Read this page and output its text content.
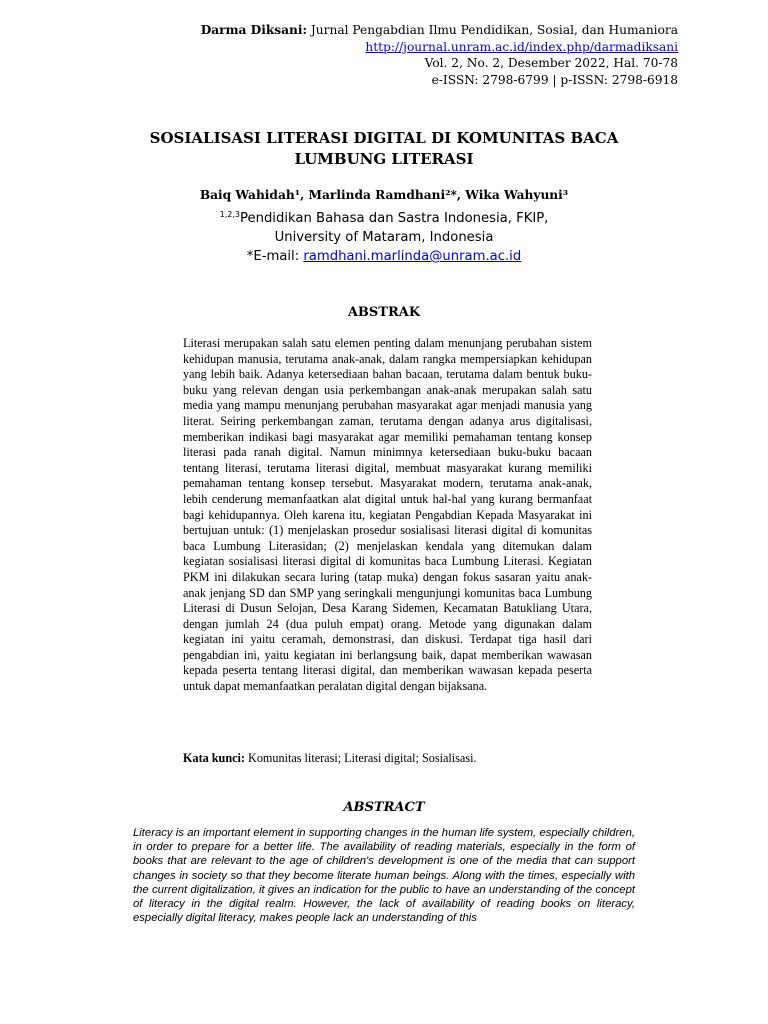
Darma Diksani: Jurnal Pengabdian Ilmu Pendidikan, Sosial, dan Humaniora
http://journal.unram.ac.id/index.php/darmadiksani
Vol. 2, No. 2, Desember 2022, Hal. 70-78
e-ISSN: 2798-6799 | p-ISSN: 2798-6918
SOSIALISASI LITERASI DIGITAL DI KOMUNITAS BACA
LUMBUNG LITERASI
Baiq Wahidah¹, Marlinda Ramdhani²*, Wika Wahyuni³
$^{1,2,3}$Pendidikan Bahasa dan Sastra Indonesia, FKIP,
University of Mataram, Indonesia
*E-mail: ramdhani.marlinda@unram.ac.id
ABSTRAK

Literasi merupakan salah satu elemen penting dalam menunjang perubahan sistem kehidupan manusia, terutama anak-anak, dalam rangka mempersiapkan kehidupan yang lebih baik. Adanya ketersediaan bahan bacaan, terutama dalam bentuk buku-buku yang relevan dengan usia perkembangan anak-anak merupakan salah satu media yang mampu menunjang perubahan masyarakat agar menjadi manusia yang literat. Seiring perkembangan zaman, terutama dengan adanya arus digitalisasi, memberikan indikasi bagi masyarakat agar memiliki pemahaman tentang konsep literasi pada ranah digital. Namun minimnya ketersediaan buku-buku bacaan tentang literasi, terutama literasi digital, membuat masyarakat kurang memiliki pemahaman tentang konsep tersebut. Masyarakat modern, terutama anak-anak, lebih cenderung memanfaatkan alat digital untuk hal-hal yang kurang bermanfaat bagi kehidupannya. Oleh karena itu, kegiatan Pengabdian Kepada Masyarakat ini bertujuan untuk: (1) menjelaskan prosedur sosialisasi literasi digital di komunitas baca Lumbung Literasidan; (2) menjelaskan kendala yang ditemukan dalam kegiatan sosialisasi literasi digital di komunitas baca Lumbung Literasi. Kegiatan PKM ini dilakukan secara luring (tatap muka) dengan fokus sasaran yaitu anak-anak jenjang SD dan SMP yang seringkali mengunjungi komunitas baca Lumbung Literasi di Dusun Selojan, Desa Karang Sidemen, Kecamatan Batukliang Utara, dengan jumlah 24 (dua puluh empat) orang. Metode yang digunakan dalam kegiatan ini yaitu ceramah, demonstrasi, dan diskusi. Terdapat tiga hasil dari pengabdian ini, yaitu kegiatan ini berlangsung baik, dapat memberikan wawasan kepada peserta tentang literasi digital, dan memberikan wawasan kepada peserta untuk dapat memanfaatkan peralatan digital dengan bijaksana.

Kata kunci: Komunitas literasi; Literasi digital; Sosialisasi.
ABSTRACT

Literacy is an important element in supporting changes in the human life system, especially children, in order to prepare for a better life. The availability of reading materials, especially in the form of books that are relevant to the age of children's development is one of the media that can support changes in society so that they become literate human beings. Along with the times, especially with the current digitalization, it gives an indication for the public to have an understanding of the concept of literacy in the digital realm. However, the lack of availability of reading books on literacy, especially digital literacy, makes people lack an understanding of this
